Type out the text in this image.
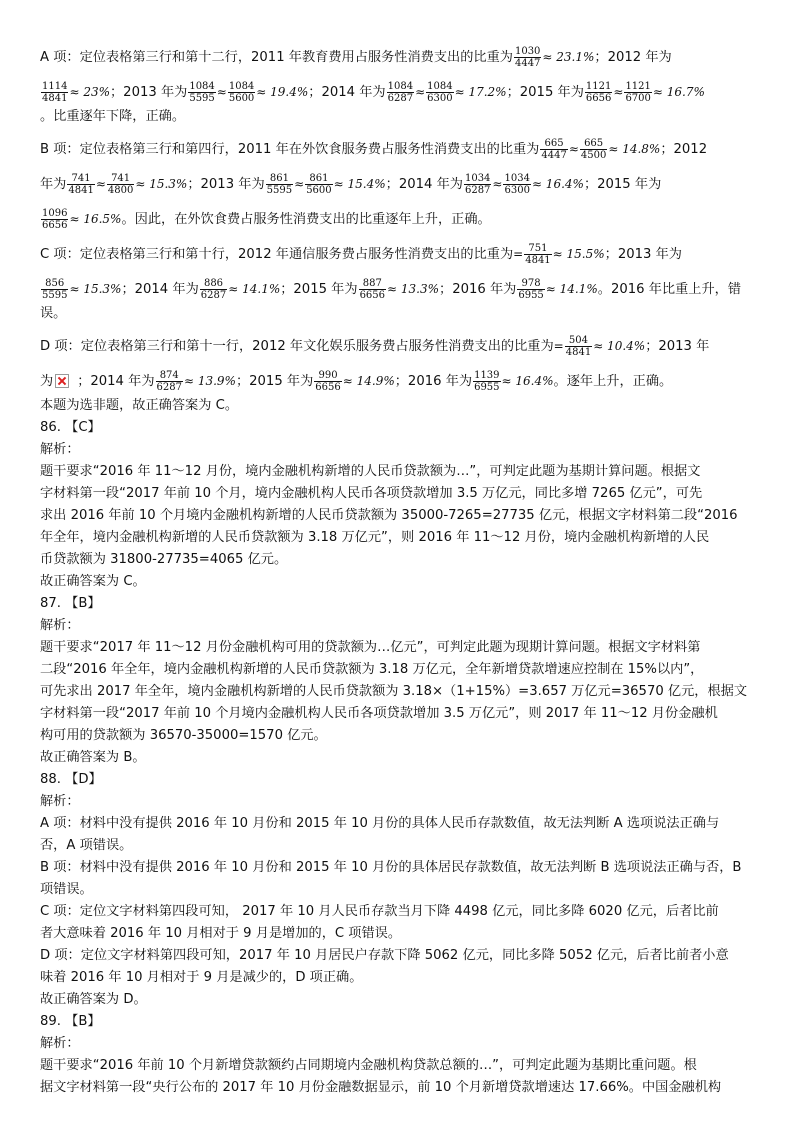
A 项：定位表格第三行和第十二行，2011 年教育费用占服务性消费支出的比重为 $\frac{1030}{4447} \approx 23.1\%$；2012 年为
$\frac{1114}{4841} \approx 23\%$；2013 年为 $\frac{1084}{5595} \approx \frac{1084}{5600} \approx 19.4\%$；2014 年为 $\frac{1084}{6287} \approx \frac{1084}{6300} \approx 17.2\%$；2015 年为 $\frac{1121}{6656} \approx \frac{1121}{6700} \approx 16.7\%$
。比重逐年下降，正确。
B 项：定位表格第三行和第四行，2011 年在外饮食服务费占服务性消费支出的比重为 $\frac{665}{4447} \approx \frac{665}{4500} \approx 14.8\%$；2012
年为 $\frac{741}{4841} \approx \frac{741}{4800} \approx 15.3\%$；2013 年为 $\frac{861}{5595} \approx \frac{861}{5600} \approx 15.4\%$；2014 年为 $\frac{1034}{6287} \approx \frac{1034}{6300} \approx 16.4\%$；2015 年为
$\frac{1096}{6656} \approx 16.5\%$。因此，在外饮食费占服务性消费支出的比重逐年上升，正确。
C 项：定位表格第三行和第十行，2012 年通信服务费占服务性消费支出的比重为= $\frac{751}{4841} \approx 15.5\%$；2013 年为
$\frac{856}{5595} \approx 15.3\%$；2014 年为 $\frac{886}{6287} \approx 14.1\%$；2015 年为 $\frac{887}{6656} \approx 13.3\%$；2016 年为 $\frac{978}{6955} \approx 14.1\%$。2016 年比重上升，错
误。
D 项：定位表格第三行和第十一行，2012 年文化娱乐服务费占服务性消费支出的比重为= $\frac{504}{4841} \approx 10.4\%$；2013 年
为 ；2014 年为 $\frac{874}{6287} \approx 13.9\%$；2015 年为 $\frac{990}{6656} \approx 14.9\%$；2016 年为 $\frac{1139}{6955} \approx 16.4\%$。逐年上升，正确。
本题为选非题，故正确答案为 C。
86. 【C】
解析：
题干要求“2016 年 11～12 月份，境内金融机构新增的人民币贷款额为…”，可判定此题为基期计算问题。根据文
字材料第一段“2017 年前 10 个月，境内金融机构人民币各项贷款增加 3.5 万亿元，同比多增 7265 亿元”，可先
求出 2016 年前 10 个月境内金融机构新增的人民币贷款额为 35000-7265=27735 亿元，根据文字材料第二段“2016
年全年，境内金融机构新增的人民币贷款额为 3.18 万亿元”，则 2016 年 11～12 月份，境内金融机构新增的人民
币贷款额为 31800-27735=4065 亿元。
故正确答案为 C。
87. 【B】
解析：
题干要求“2017 年 11～12 月份金融机构可用的贷款额为…亿元”，可判定此题为现期计算问题。根据文字材料第
二段“2016 年全年，境内金融机构新增的人民币贷款额为 3.18 万亿元，全年新增贷款增速应控制在 15%以内”，
可先求出 2017 年全年，境内金融机构新增的人民币贷款额为 3.18×（1+15%）=3.657 万亿元=36570 亿元，根据文
字材料第一段“2017 年前 10 个月境内金融机构人民币各项贷款增加 3.5 万亿元”，则 2017 年 11～12 月份金融机
构可用的贷款额为 36570-35000=1570 亿元。
故正确答案为 B。
88. 【D】
解析：
A 项：材料中没有提供 2016 年 10 月份和 2015 年 10 月份的具体人民币存款数值，故无法判断 A 选项说法正确与
否，A 项错误。
B 项：材料中没有提供 2016 年 10 月份和 2015 年 10 月份的具体居民存款数值，故无法判断 B 选项说法正确与否，B
项错误。
C 项：定位文字材料第四段可知， 2017 年 10 月人民币存款当月下降 4498 亿元，同比多降 6020 亿元，后者比前
者大意味着 2016 年 10 月相对于 9 月是增加的，C 项错误。
D 项：定位文字材料第四段可知，2017 年 10 月居民户存款下降 5062 亿元，同比多降 5052 亿元，后者比前者小意
味着 2016 年 10 月相对于 9 月是减少的，D 项正确。
故正确答案为 D。
89. 【B】
解析：
题干要求“2016 年前 10 个月新增贷款额约占同期境内金融机构贷款总额的…”，可判定此题为基期比重问题。根
据文字材料第一段“央行公布的 2017 年 10 月份金融数据显示，前 10 个月新增贷款增速达 17.66%。中国金融机构
